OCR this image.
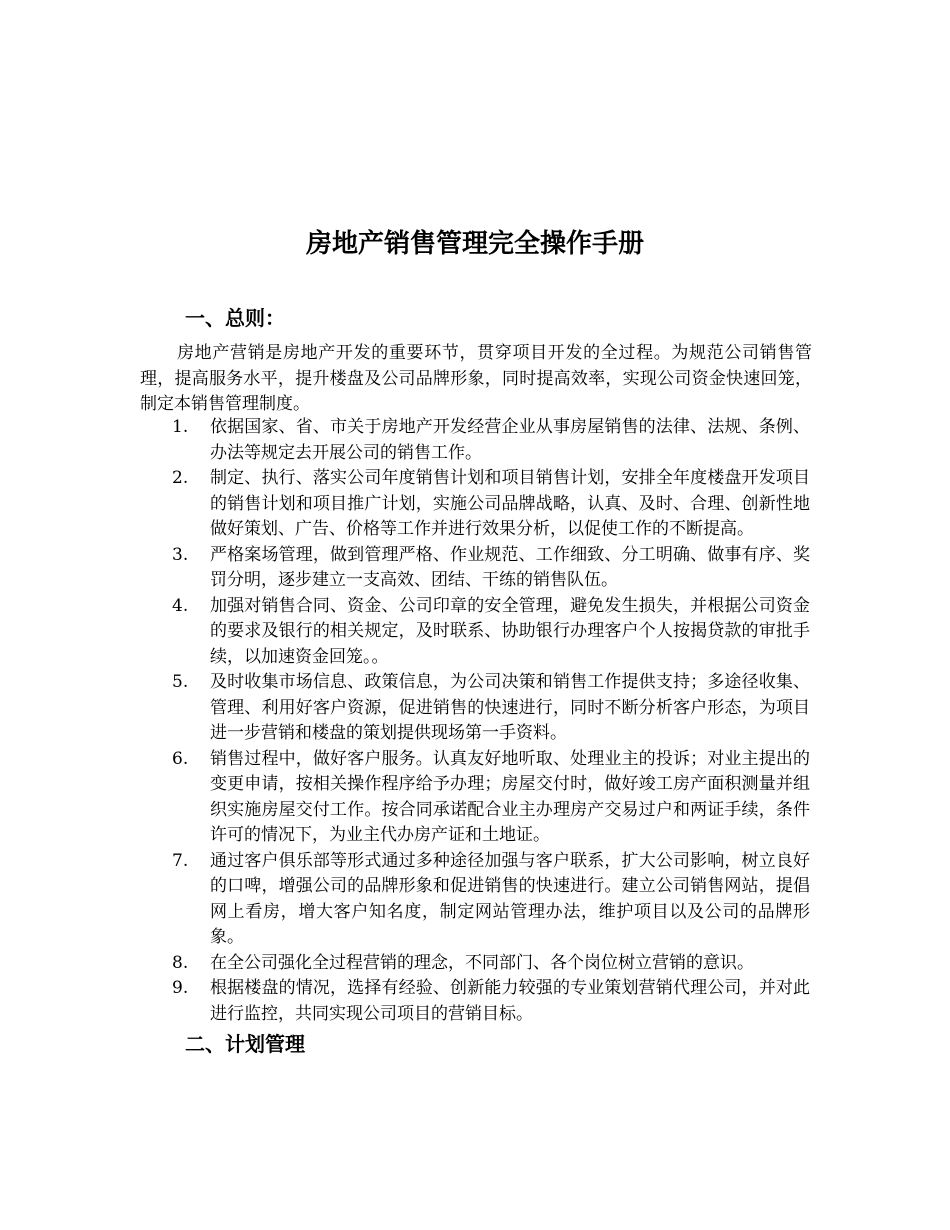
房地产销售管理完全操作手册
一、总则：

房地产营销是房地产开发的重要环节，贯穿项目开发的全过程。为规范公司销售管理，提高服务水平，提升楼盘及公司品牌形象，同时提高效率，实现公司资金快速回笼，制定本销售管理制度。

1.	依据国家、省、市关于房地产开发经营企业从事房屋销售的法律、法规、条例、办法等规定去开展公司的销售工作。
2.	制定、执行、落实公司年度销售计划和项目销售计划，安排全年度楼盘开发项目的销售计划和项目推广计划，实施公司品牌战略，认真、及时、合理、创新性地做好策划、广告、价格等工作并进行效果分析，以促使工作的不断提高。
3.	严格案场管理，做到管理严格、作业规范、工作细致、分工明确、做事有序、奖罚分明，逐步建立一支高效、团结、干练的销售队伍。
4.	加强对销售合同、资金、公司印章的安全管理，避免发生损失，并根据公司资金的要求及银行的相关规定，及时联系、协助银行办理客户个人按揭贷款的审批手续，以加速资金回笼。。
5.	及时收集市场信息、政策信息，为公司决策和销售工作提供支持；多途径收集、管理、利用好客户资源，促进销售的快速进行，同时不断分析客户形态，为项目进一步营销和楼盘的策划提供现场第一手资料。
6.	销售过程中，做好客户服务。认真友好地听取、处理业主的投诉；对业主提出的变更申请，按相关操作程序给予办理；房屋交付时，做好竣工房产面积测量并组织实施房屋交付工作。按合同承诺配合业主办理房产交易过户和两证手续，条件许可的情况下，为业主代办房产证和土地证。
7.	通过客户俱乐部等形式通过多种途径加强与客户联系，扩大公司影响，树立良好的口啤，增强公司的品牌形象和促进销售的快速进行。建立公司销售网站，提倡网上看房，增大客户知名度，制定网站管理办法，维护项目以及公司的品牌形象。
8.	在全公司强化全过程营销的理念，不同部门、各个岗位树立营销的意识。
9.	根据楼盘的情况，选择有经验、创新能力较强的专业策划营销代理公司，并对此进行监控，共同实现公司项目的营销目标。
二、计划管理
